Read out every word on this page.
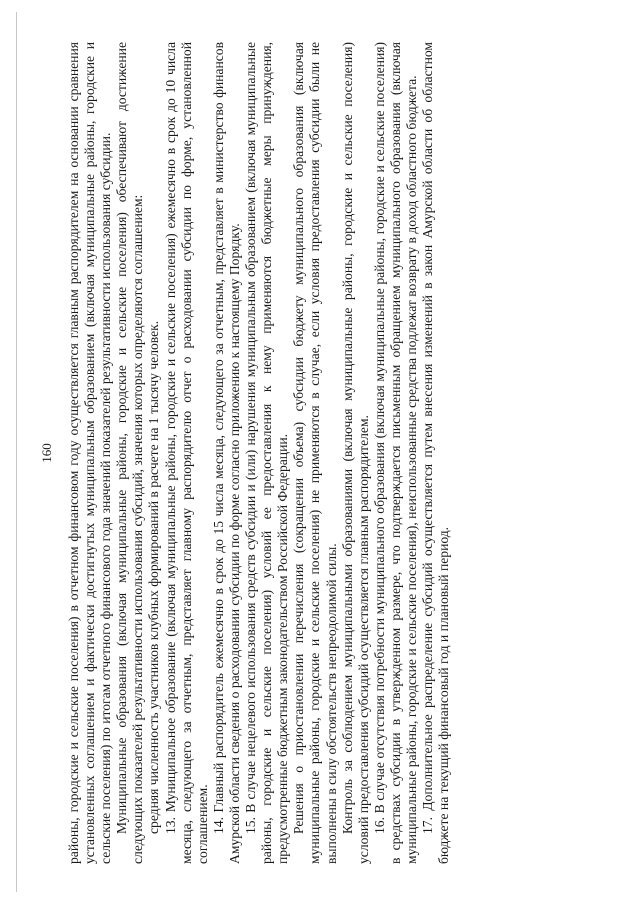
160 районы, городские и сельские поселения) в отчетном финансовом году осуществляется главным распорядителем на основании сравнения установленных соглашением и фактически достигнутых муниципальным образованием (включая муниципальные районы, городские и сельские поселения) по итогам отчетного финансового года значений показателей результативности использования субсидии. Муниципальные образования (включая муниципальные районы, городские и сельские поселения) обеспечивают достижение следующих показателей результативности использования субсидий, значения которых определяются соглашением: средняя численность участников клубных формирований в расчете на 1 тысячу человек. 13. Муниципальное образование (включая муниципальные районы, городские и сельские поселения) ежемесячно в срок до 10 числа месяца, следующего за отчетным, представляет главному распорядителю отчет о расходовании субсидии по форме, установленной соглашением. 14. Главный распорядитель ежемесячно в срок до 15 числа месяца, следующего за отчетным, представляет в министерство финансов Амурской области сведения о расходовании субсидии по форме согласно приложению к настоящему Порядку. 15. В случае нецелевого использования средств субсидии и (или) нарушения муниципальным образованием (включая муниципальные районы, городские и сельские поселения) условий ее предоставления к нему применяются бюджетные меры принуждения, предусмотренные бюджетным законодательством Российской Федерации. Решения о приостановлении перечисления (сокращении объема) субсидии бюджету муниципального образования (включая муниципальные районы, городские и сельские поселения) не применяются в случае, если условия предоставления субсидии были не выполнены в силу обстоятельств непреодолимой силы. Контроль за соблюдением муниципальными образованиями (включая муниципальные районы, городские и сельские поселения) условий предоставления субсидий осуществляется главным распорядителем. 16. В случае отсутствия потребности муниципального образования (включая муниципальные районы, городские и сельские поселения) в средствах субсидии в утвержденном размере, что подтверждается письменным обращением муниципального образования (включая муниципальные районы, городские и сельские поселения), неиспользованные средства подлежат возврату в доход областного бюджета. 17. Дополнительное распределение субсидий осуществляется путем внесения изменений в закон Амурской области об областном бюджете на текущий финансовый год и плановый период.
